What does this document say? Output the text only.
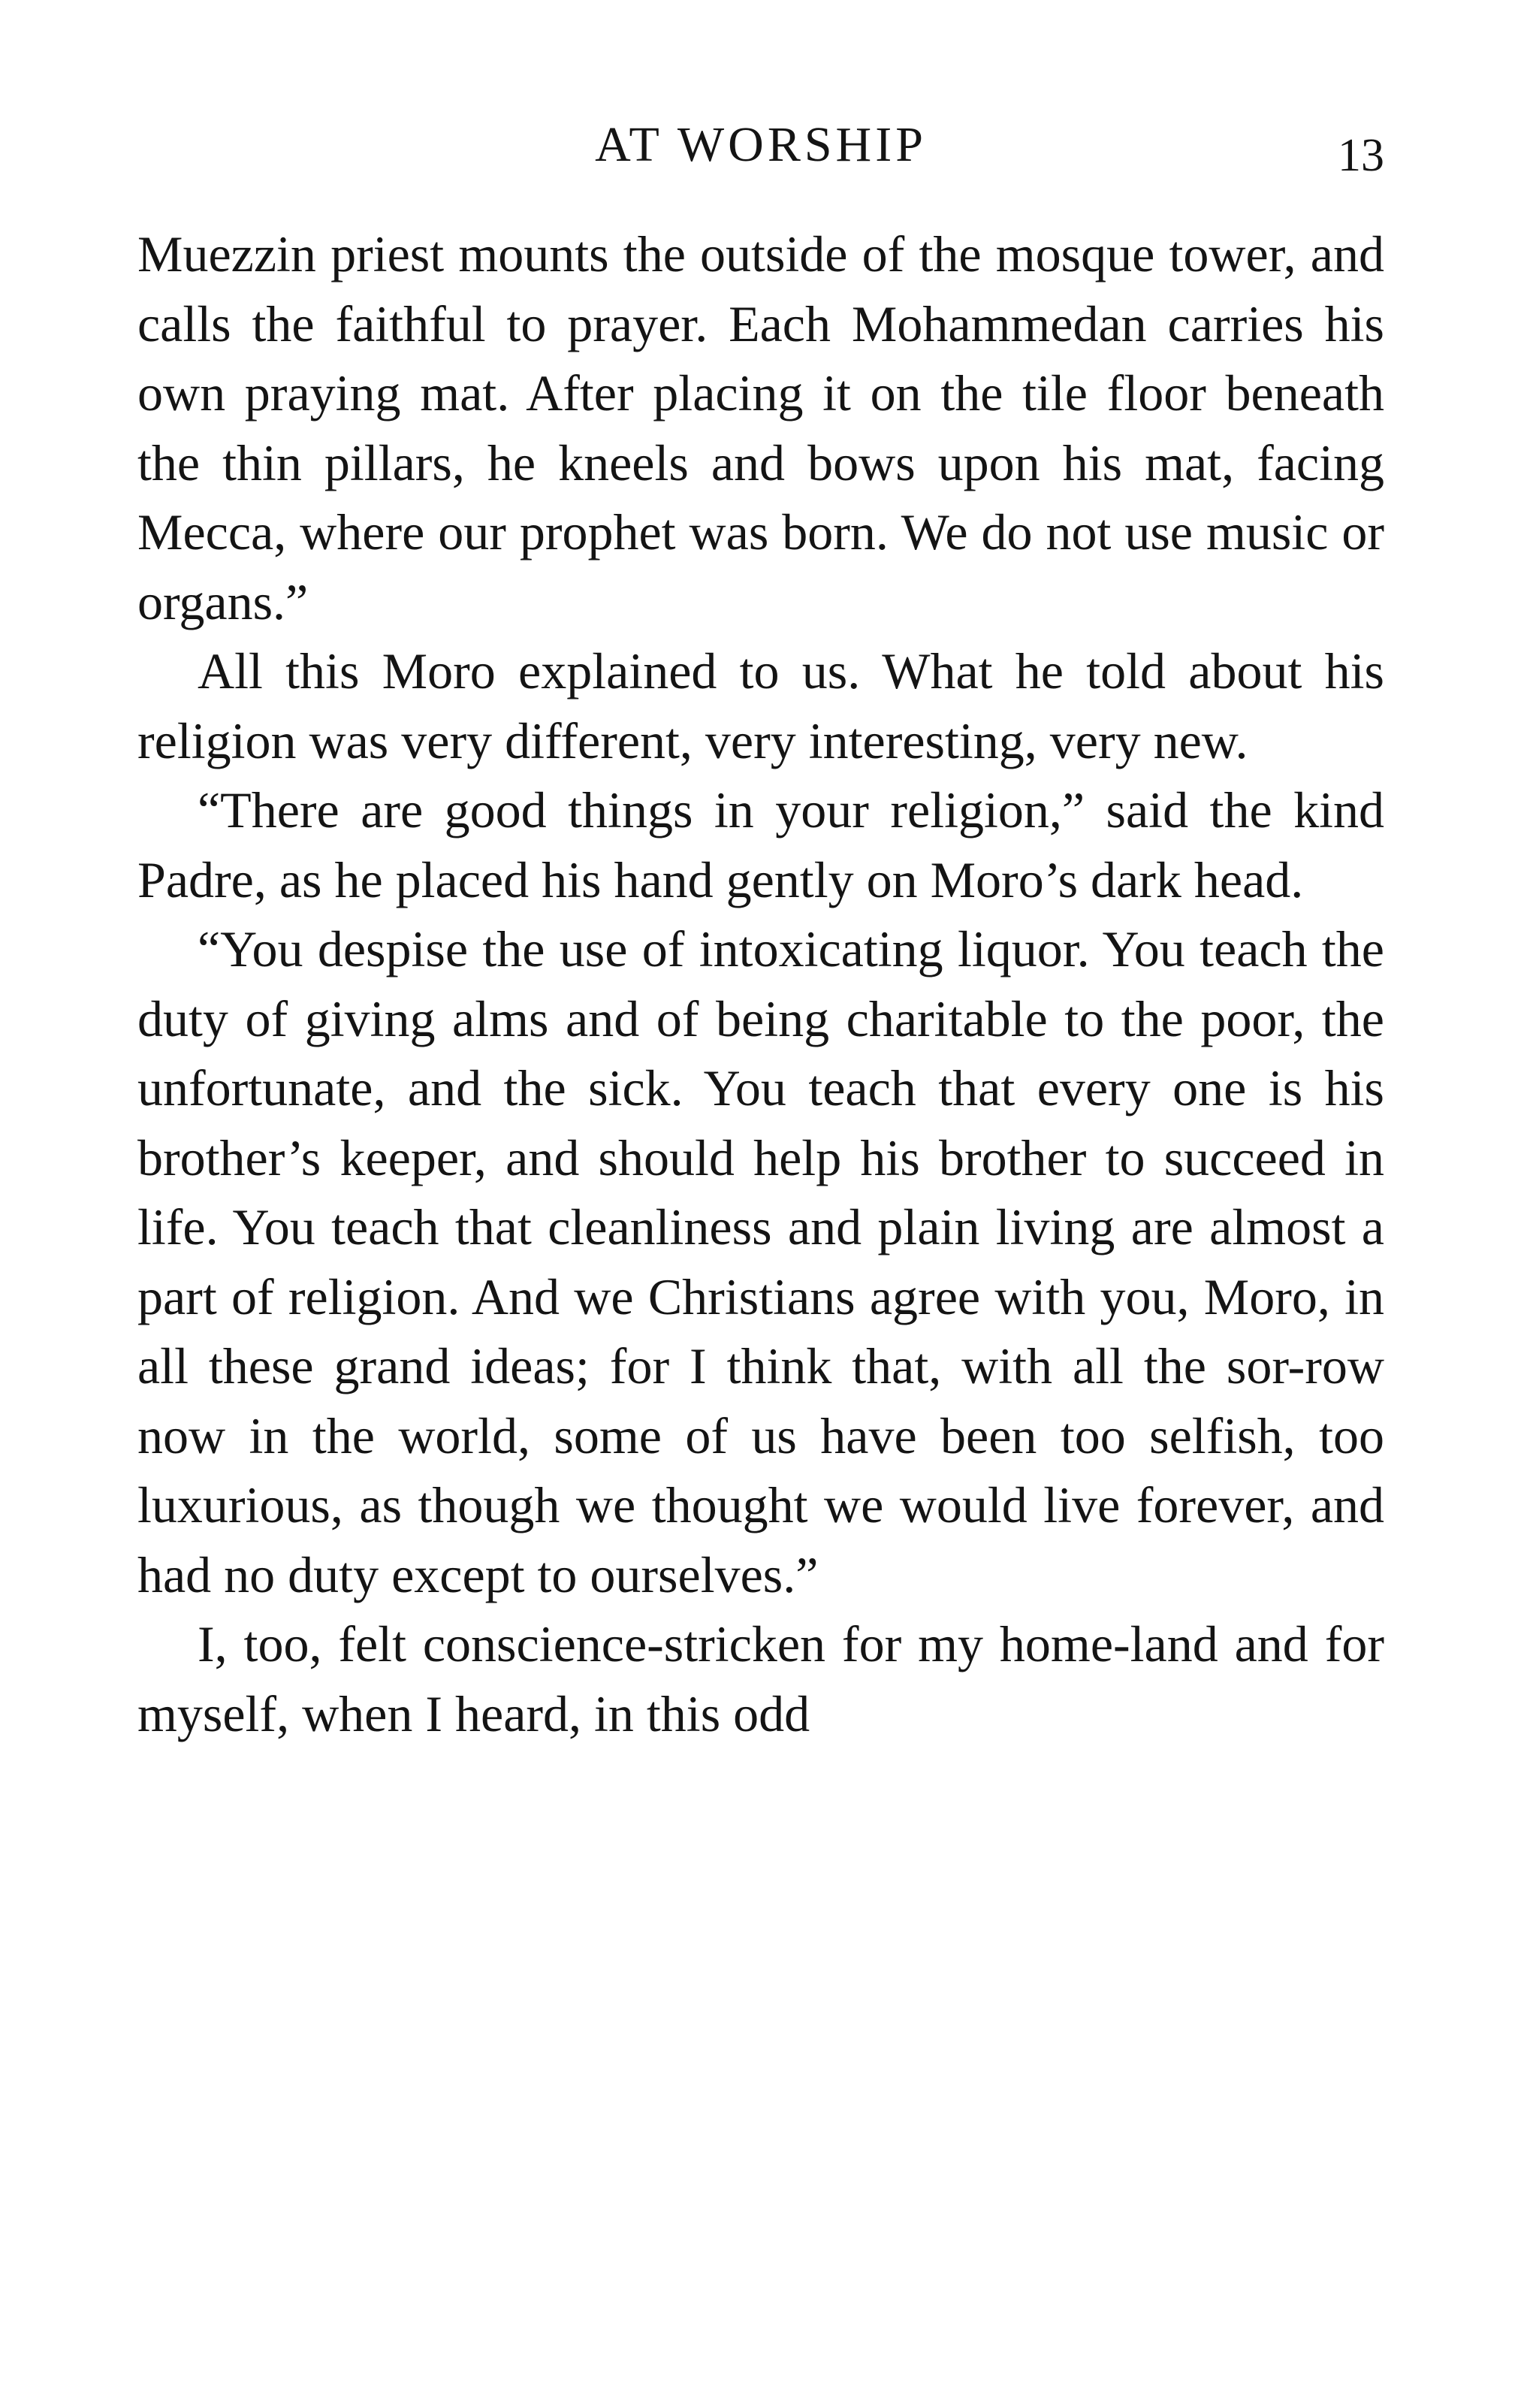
AT WORSHIP	13

Muezzin priest mounts the outside of the mosque tower, and calls the faithful to prayer. Each Mohammedan carries his own praying mat. After placing it on the tile floor beneath the thin pillars, he kneels and bows upon his mat, facing Mecca, where our prophet was born. We do not use music or organs.”

All this Moro explained to us. What he told about his religion was very different, very interesting, very new.

“There are good things in your religion,” said the kind Padre, as he placed his hand gently on Moro’s dark head.

“You despise the use of intoxicating liquor. You teach the duty of giving alms and of being charitable to the poor, the unfortunate, and the sick. You teach that every one is his brother’s keeper, and should help his brother to succeed in life. You teach that cleanliness and plain living are almost a part of religion. And we Christians agree with you, Moro, in all these grand ideas; for I think that, with all the sor-row now in the world, some of us have been too selfish, too luxurious, as though we thought we would live forever, and had no duty except to ourselves.”

I, too, felt conscience-stricken for my home-land and for myself, when I heard, in this odd
